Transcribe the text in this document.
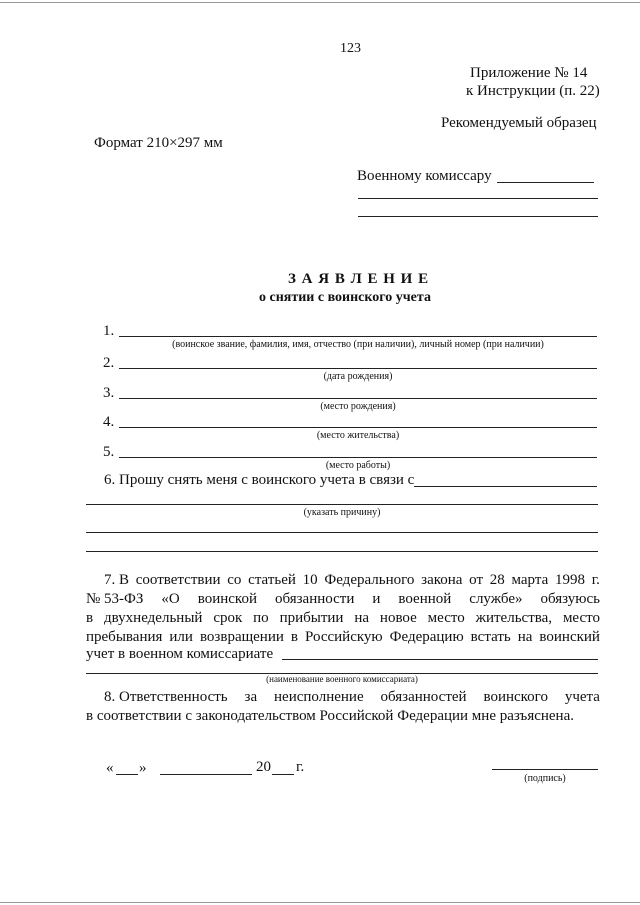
123
Приложение № 14
к Инструкции (п. 22)
Рекомендуемый образец
Формат 210×297 мм
Военному комиссару
З А Я В Л Е Н И Е
о снятии с воинского учета
1.
(воинское звание, фамилия, имя, отчество (при наличии), личный номер (при наличии)
2.
(дата рождения)
3.
(место рождения)
4.
(место жительства)
5.
(место работы)
6. Прошу снять меня с воинского учета в связи с
(указать причину)
7. В соответствии со статьей 10 Федерального закона от 28 марта 1998 г.
№ 53-ФЗ «О воинской обязанности и военной службе» обязуюсь
в двухнедельный срок по прибытии на новое место жительства, место
пребывания или возвращении в Российскую Федерацию встать на воинский
учет в военном комиссариате
(наименование военного комиссариата)
8. Ответственность за неисполнение обязанностей воинского учета
в соответствии с законодательством Российской Федерации мне разъяснена.
« »	20 г.
(подпись)
